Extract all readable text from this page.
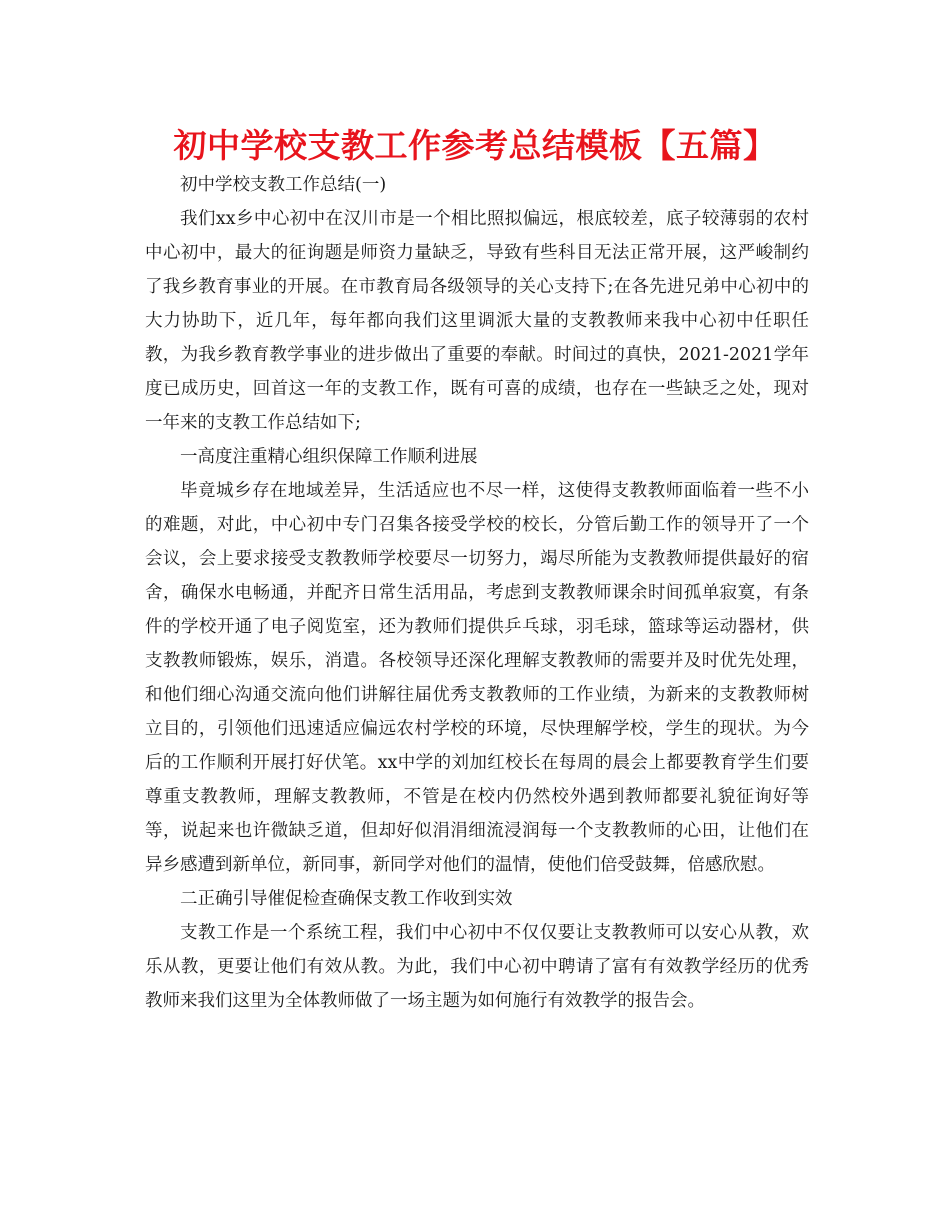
初中学校支教工作参考总结模板【五篇】

初中学校支教工作总结(一)

我们xx乡中心初中在汉川市是一个相比照拟偏远，根底较差，底子较薄弱的农村中心初中，最大的征询题是师资力量缺乏，导致有些科目无法正常开展，这严峻制约了我乡教育事业的开展。在市教育局各级领导的关心支持下;在各先进兄弟中心初中的大力协助下，近几年，每年都向我们这里调派大量的支教教师来我中心初中任职任教，为我乡教育教学事业的进步做出了重要的奉献。时间过的真快，2021-2021学年度已成历史，回首这一年的支教工作，既有可喜的成绩，也存在一些缺乏之处，现对一年来的支教工作总结如下;

一高度注重精心组织保障工作顺利进展

毕竟城乡存在地域差异，生活适应也不尽一样，这使得支教教师面临着一些不小的难题，对此，中心初中专门召集各接受学校的校长，分管后勤工作的领导开了一个会议，会上要求接受支教教师学校要尽一切努力，竭尽所能为支教教师提供最好的宿舍，确保水电畅通，并配齐日常生活用品，考虑到支教教师课余时间孤单寂寞，有条件的学校开通了电子阅览室，还为教师们提供乒乓球，羽毛球，篮球等运动器材，供支教教师锻炼，娱乐，消遣。各校领导还深化理解支教教师的需要并及时优先处理，和他们细心沟通交流向他们讲解往届优秀支教教师的工作业绩，为新来的支教教师树立目的，引领他们迅速适应偏远农村学校的环境，尽快理解学校，学生的现状。为今后的工作顺利开展打好伏笔。xx中学的刘加红校长在每周的晨会上都要教育学生们要尊重支教教师，理解支教教师，不管是在校内仍然校外遇到教师都要礼貌征询好等等，说起来也许微缺乏道，但却好似涓涓细流浸润每一个支教教师的心田，让他们在异乡感遭到新单位，新同事，新同学对他们的温情，使他们倍受鼓舞，倍感欣慰。

二正确引导催促检查确保支教工作收到实效

支教工作是一个系统工程，我们中心初中不仅仅要让支教教师可以安心从教，欢乐从教，更要让他们有效从教。为此，我们中心初中聘请了富有有效教学经历的优秀教师来我们这里为全体教师做了一场主题为如何施行有效教学的报告会。
